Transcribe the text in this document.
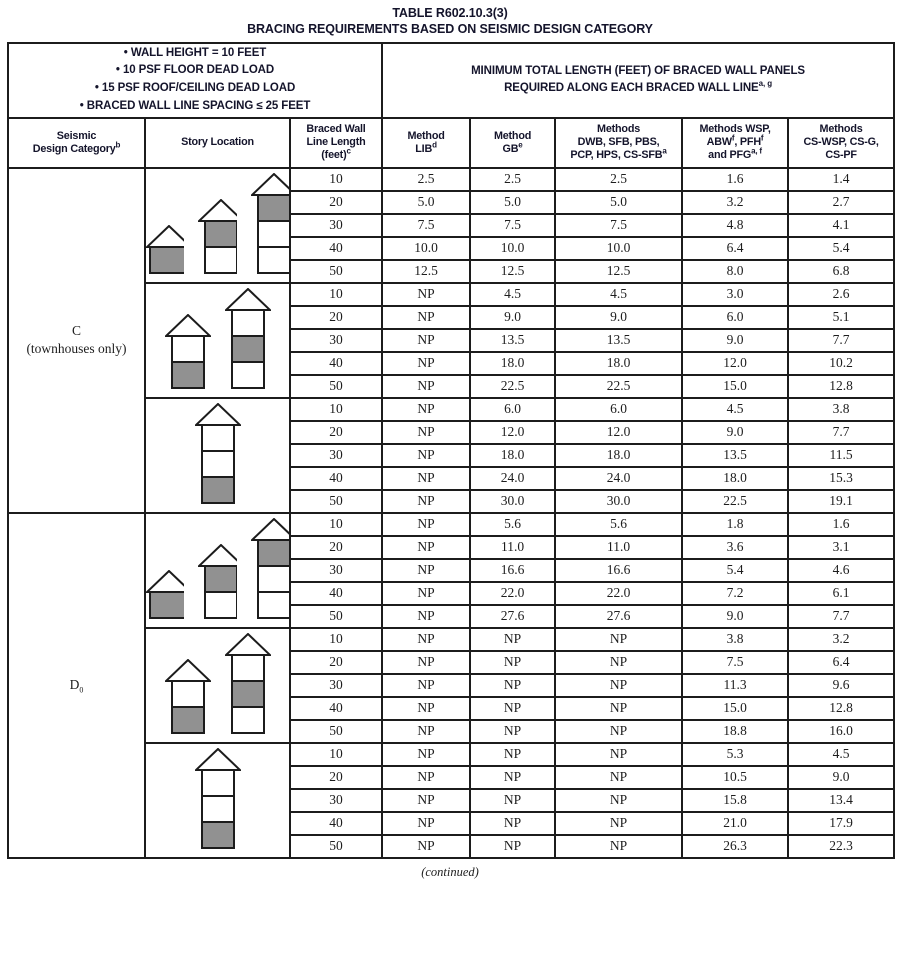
TABLE R602.10.3(3)
BRACING REQUIREMENTS BASED ON SEISMIC DESIGN CATEGORY
• WALL HEIGHT = 10 FEET
• 10 PSF FLOOR DEAD LOAD
• 15 PSF ROOF/CEILING DEAD LOAD
• BRACED WALL LINE SPACING ≤ 25 FEET

MINIMUM TOTAL LENGTH (FEET) OF BRACED WALL PANELS
REQUIRED ALONG EACH BRACED WALL LINE$^{a, g}$

Seismic
Design Category$^b$	Story Location

Braced Wall
Line Length
(feet)$^c$

Method
LIB$^d$

Method
$GB^e$

Methods
DWB, SFB, PBS,
PCP, HPS, CS-SFB$^a$

Methods WSP,
ABW$^f$, PFH$^f$
and PFG$^{a, f}$

Methods
CS-WSP, CS-G,
CS-PF

C
(townhouses only)		10	2.5	2.5	2.5	1.6	1.4
		20	5.0	5.0	5.0	3.2	2.7
		30	7.5	7.5	7.5	4.8	4.1
		40	10.0	10.0	10.0	6.4	5.4
		50	12.5	12.5	12.5	8.0	6.8

	10	NP	4.5	4.5	3.0	2.6
		20	NP	9.0	9.0	6.0	5.1
		30	NP	13.5	13.5	9.0	7.7
		40	NP	18.0	18.0	12.0	10.2
		50	NP	22.5	22.5	15.0	12.8

	10	NP	6.0	6.0	4.5	3.8
		20	NP	12.0	12.0	9.0	7.7
		30	NP	18.0	18.0	13.5	11.5
		40	NP	24.0	24.0	18.0	15.3
		50	NP	30.0	30.0	22.5	19.1

$D_0$		10	NP	5.6	5.6	1.8	1.6
		20	NP	11.0	11.0	3.6	3.1
		30	NP	16.6	16.6	5.4	4.6
		40	NP	22.0	22.0	7.2	6.1
		50	NP	27.6	27.6	9.0	7.7

	10	NP	NP	NP	3.8	3.2
		20	NP	NP	NP	7.5	6.4
		30	NP	NP	NP	11.3	9.6
		40	NP	NP	NP	15.0	12.8
		50	NP	NP	NP	18.8	16.0

	10	NP	NP	NP	5.3	4.5
		20	NP	NP	NP	10.5	9.0
		30	NP	NP	NP	15.8	13.4
		40	NP	NP	NP	21.0	17.9
		50	NP	NP	NP	26.3	22.3
(continued)
